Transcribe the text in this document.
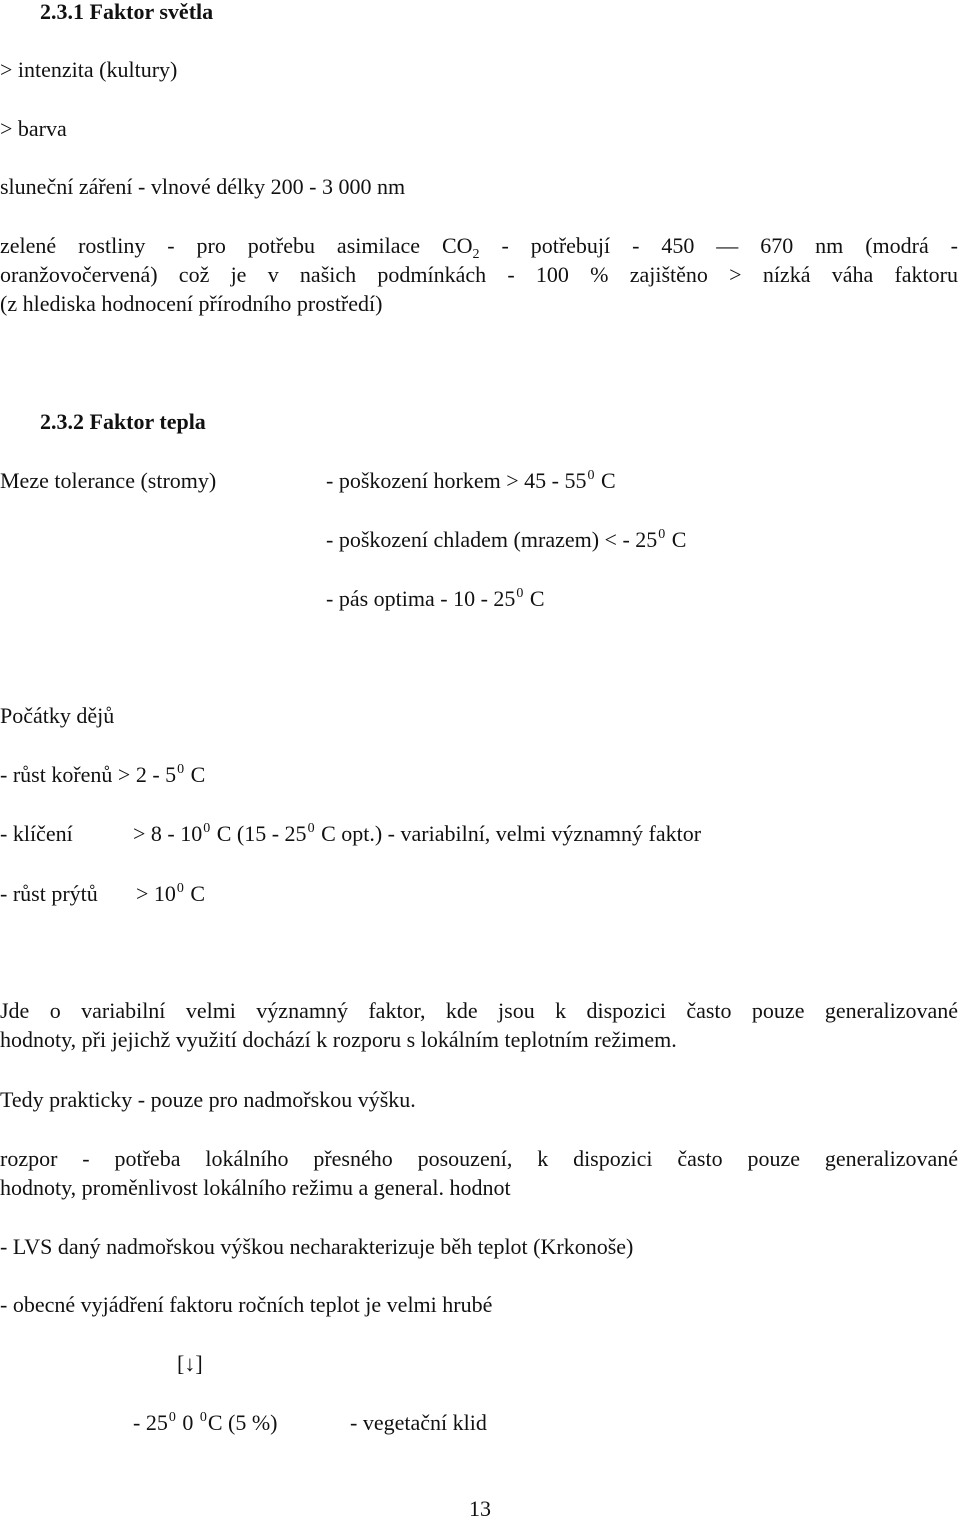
2.3.1 Faktor světla
> intenzita (kultury)
> barva
sluneční záření - vlnové délky 200 - 3 000 nm
zelené rostliny - pro potřebu asimilace $CO_2$ - potřebují - 450 — 670 nm (modrá -
oranžovočervená) což je v našich podmínkách - 100 % zajištěno > nízká váha faktoru
(z hlediska hodnocení přírodního prostředí)
2.3.2 Faktor tepla
Meze tolerance (stromy)	- poškození horkem > $45 - 55^0$ C
- poškození chladem (mrazem) < - $25^0$ C
- pás optima - $10 - 25^0$ C
Počátky dějů
- růst kořenů > $2 - 5^0$ C
- klíčení	> $8 - 10^0$ C ($15 - 25^0$ C opt.) - variabilní, velmi významný faktor
- růst prýtů > $10^0$ C
Jde o variabilní velmi významný faktor, kde jsou k dispozici často pouze generalizované
hodnoty, při jejichž využití dochází k rozporu s lokálním teplotním režimem.
Tedy prakticky - pouze pro nadmořskou výšku.
rozpor - potřeba lokálního přesného posouzení, k dispozici často pouze generalizované
hodnoty, proměnlivost lokálního režimu a general. hodnot
- LVS daný nadmořskou výškou necharakterizuje běh teplot (Krkonoše)
- obecné vyjádření faktoru ročních teplot je velmi hrubé
[↓]
- $25^0$ 0 $^0$C (5 %)	- vegetační klid
13
